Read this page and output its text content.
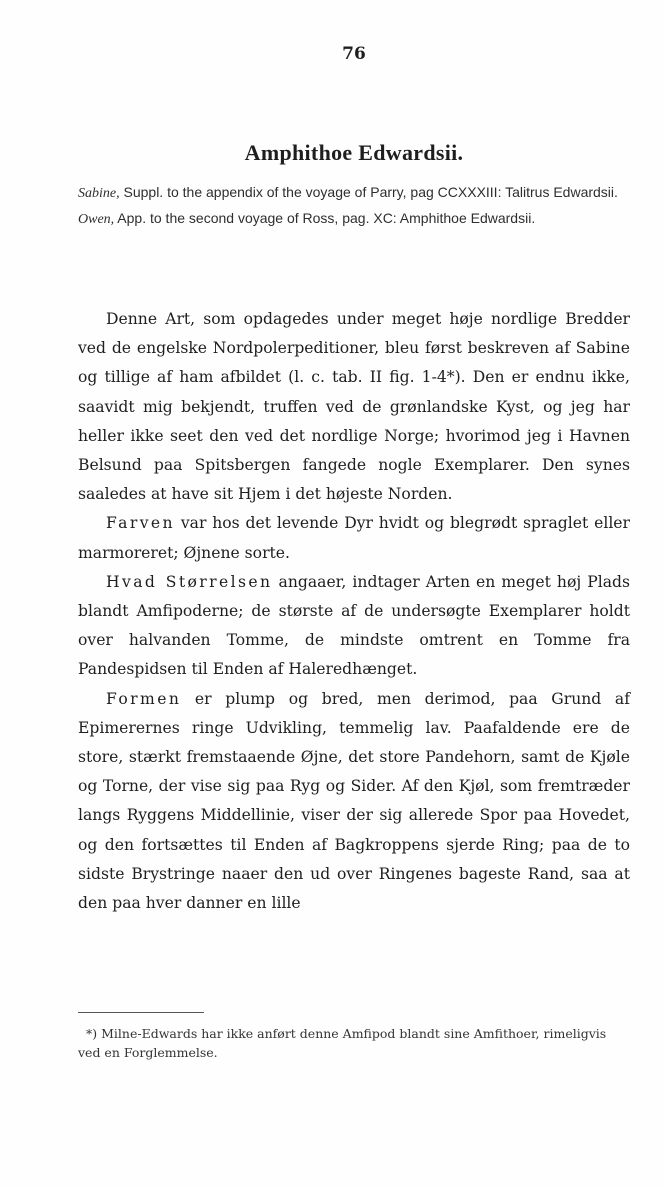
76
Amphithoe Edwardsii.

Sabine, Suppl. to the appendix of the voyage of Parry, pag CCXXXIII: Talitrus Edwardsii.

Owen, App. to the second voyage of Ross, pag. XC: Amphithoe Edwardsii.

Denne Art, som opdagedes under meget høje nordlige Bredder ved de engelske Nordpolerpeditioner, bleu først beskreven af Sabine og tillige af ham afbildet (l. c. tab. II fig. 1-4*). Den er endnu ikke, saavidt mig bekjendt, truffen ved de grønlandske Kyst, og jeg har heller ikke seet den ved det nordlige Norge; hvorimod jeg i Havnen Belsund paa Spitsbergen fangede nogle Exemplarer. Den synes saaledes at have sit Hjem i det højeste Norden.

Farven var hos det levende Dyr hvidt og blegrødt spraglet eller marmoreret; Øjnene sorte.

Hvad Størrelsen angaaer, indtager Arten en meget høj Plads blandt Amfipoderne; de største af de undersøgte Exemplarer holdt over halvanden Tomme, de mindste omtrent en Tomme fra Pandespidsen til Enden af Haleredhænget.

Formen er plump og bred, men derimod, paa Grund af Epimerernes ringe Udvikling, temmelig lav. Paafaldende ere de store, stærkt fremstaaende Øjne, det store Pandehorn, samt de Kjøle og Torne, der vise sig paa Ryg og Sider. Af den Kjøl, som fremtræder langs Ryggens Middellinie, viser der sig allerede Spor paa Hovedet, og den fortsættes til Enden af Bagkroppens sjerde Ring; paa de to sidste Brystringe naaer den ud over Ringenes bageste Rand, saa at den paa hver danner en lille

*) Milne-Edwards har ikke anført denne Amfipod blandt sine Amfithoer, rimeligvis ved en Forglemmelse.
